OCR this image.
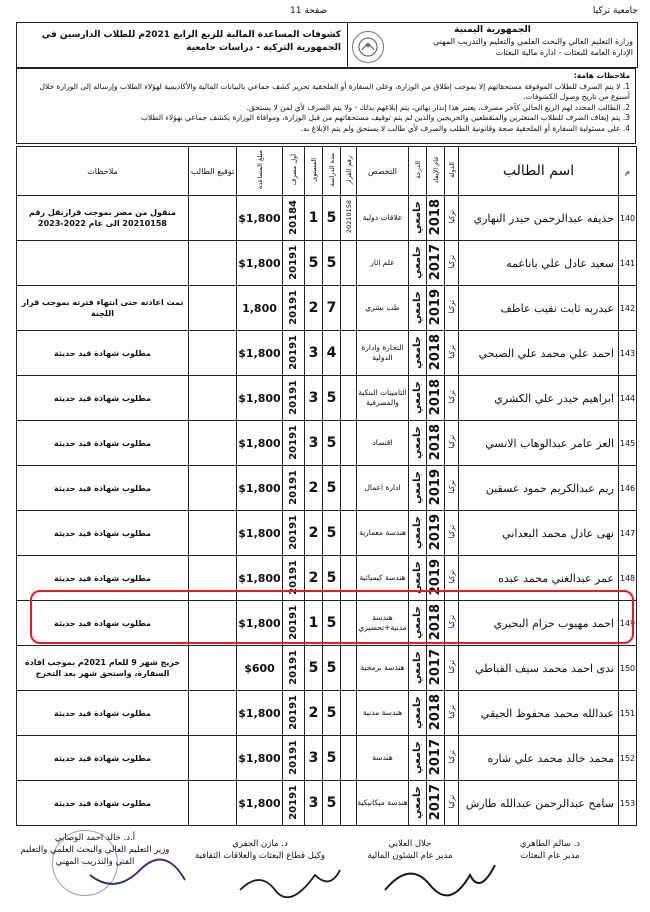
جامعية تركيا
صفحة 11
الجمهورية اليمنية
وزارة التعليم العالي والبحث العلمي والتعليم والتدريب المهني
الإدارة العامة للبعثات - ادارة مالية البعثات
كشوفات المساعدة المالية للربع الرابع 2021م للطلاب الدارسين في الجمهورية التركية - دراسات جامعية
ملاحظات هامة:
1. لا يتم الصرف للطلاب الموقوفة مستحقاتهم إلا بموجب إطلاق من الوزارة، وعلى السفارة أو الملحقية تحرير كشف جماعي بالبيانات المالية والأكاديمية لهؤلاء الطلاب وإرساله إلى الوزارة خلال أسبوع من تاريخ وصول الكشوفات.
2. الطالب المحدد لهم الربع الحالي كآخر مصرف، يعتبر هذا إنذار نهائي، يتم إبلاغهم بذلك - ولا يتم الصرف لأي لمن لا يستحق.
3. يتم إيقاف الصرف للطلاب المتعثرين والمنقطعين والخريجين والذين لم يتم توقيف مستحقاتهم من قبل الوزارة، وموافاة الوزارة بكشف جماعي بهؤلاء الطلاب
4. على مسئولية السفارة أو الملحقية صحة وقانونية الطلب والصرف لأي طالب لا يستحق ولم يتم الإبلاغ به.
م	اسم الطالب	الدولة	عام الإيفاد	الدرجة	التخصص	رقم القرار	مدة الدراسة	المستوى	أول مصرف	مبلغ المساعدة	توقيع الطالب	ملاحظات
140	حذيفه عبدالرحمن حيدر النهاري	تركيا	2018	جامعي	علاقات دولية	20210158	5	1	20184	$1,800		منقول من مصر بموجب قرارنقل رقم 20210158 الى عام 2022-2023
141	سعيد عادل علي باناعمه	تركيا	2017	جامعي	علم اثار		5	5	20191	$1,800		
142	عبدربه ثابت نقيب عاطف	تركيا	2019	جامعي	طب بشري		7	2	20191	1,800		تمت اعادته حتى انتهاء فترته بموجب قرار اللجنة
143	احمد علي محمد علي الصبحي	تركيا	2018	جامعي	التجارة وادارة الدولية		4	3	20191	$1,800		مطلوب شهادة قيد حديثة
144	ابراهيم حيدر علي الكشري	تركيا	2018	جامعي	التامينات البنكية والمصرفية		5	3	20191	$1,800		مطلوب شهادة قيد حديثة
145	العز عامر عبدالوهاب الانسي	تركيا	2018	جامعي	اقتصاد		5	3	20191	$1,800		مطلوب شهادة قيد حديثة
146	ريم عبدالكريم حمود عسقين	تركيا	2019	جامعي	ادارة اعمال		5	2	20191	$1,800		مطلوب شهادة قيد حديثة
147	نهى عادل محمد البعداني	تركيا	2019	جامعي	هندسة معمارية		5	2	20191	$1,800		مطلوب شهادة قيد حديثة
148	عمر عبدالغني محمد عبده	تركيا	2019	جامعي	هندسة كيميائية		5	2	20191	$1,800		مطلوب شهادة قيد حديثة
149	احمد مهيوب حزام البحيري	تركيا	2018	جامعي	هندسة مدنية+تحضيري		5	1	20191	$1,800		مطلوب شهادة قيد حديثة
150	ندى احمد محمد سيف القباطي	تركيا	2017	جامعي	هندسة برمجية		5	5	20191	$600		خريج شهر 9 للعام 2021م بموجب افادة السفارة، واستحق شهر بعد التخرج
151	عبدالله محمد محفوظ الحيقي	تركيا	2018	جامعي	هندسة مدنية		5	2	20191	$1,800		مطلوب شهادة قيد حديثة
152	محمد خالد محمد علي شاره	تركيا	2017	جامعي	هندسة		5	3	20191	$1,800		مطلوب شهادة قيد حديثة
153	سامح عبدالرحمن عبدالله طارش	تركيا	2017	جامعي	هندسة ميكانيكية		5	3	20191	$1,800		مطلوب شهادة قيد حديثة
د. سالم الطاهري
مدير عام البعثات
جلال العلابي
مدير عام الشئون المالية
د. مازن الجفري
وكيل قطاع البعثات والعلاقات الثقافية
أ.د. خالد احمد الوصابي
وزير التعليم العالي والبحث العلمي والتعليم الفني والتدريب المهني
